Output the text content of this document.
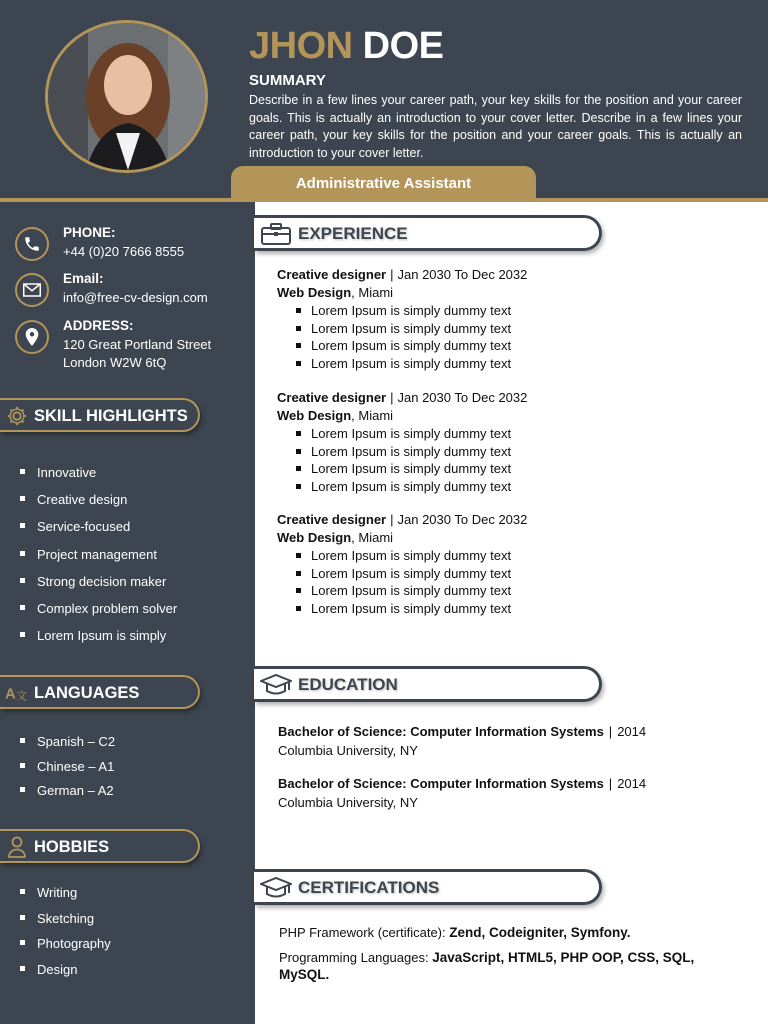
JHON DOE
SUMMARY
Describe in a few lines your career path, your key skills for the position and your career goals. This is actually an introduction to your cover letter. Describe in a few lines your career path, your key skills for the position and your career goals. This is actually an introduction to your cover letter.
Administrative Assistant
PHONE:
+44 (0)20 7666 8555
Email:
info@free-cv-design.com
ADDRESS:
120 Great Portland Street
London W2W 6tQ
SKILL HIGHLIGHTS
Innovative
Creative design
Service-focused
Project management
Strong decision maker
Complex problem solver
Lorem Ipsum is simply
A 文 LANGUAGES
Spanish – C2
Chinese – A1
German – A2
HOBBIES
Writing
Sketching
Photography
Design
EXPERIENCE
Creative designer | Jan 2030 To Dec 2032
Web Design, Miami
Lorem Ipsum is simply dummy text
Lorem Ipsum is simply dummy text
Lorem Ipsum is simply dummy text
Lorem Ipsum is simply dummy text
Creative designer | Jan 2030 To Dec 2032
Web Design, Miami
Lorem Ipsum is simply dummy text
Lorem Ipsum is simply dummy text
Lorem Ipsum is simply dummy text
Lorem Ipsum is simply dummy text
Creative designer | Jan 2030 To Dec 2032
Web Design, Miami
Lorem Ipsum is simply dummy text
Lorem Ipsum is simply dummy text
Lorem Ipsum is simply dummy text
Lorem Ipsum is simply dummy text
EDUCATION
Bachelor of Science: Computer Information Systems | 2014
Columbia University, NY
Bachelor of Science: Computer Information Systems | 2014
Columbia University, NY
CERTIFICATIONS
PHP Framework (certificate): Zend, Codeigniter, Symfony.
Programming Languages: JavaScript, HTML5, PHP OOP, CSS, SQL, MySQL.
